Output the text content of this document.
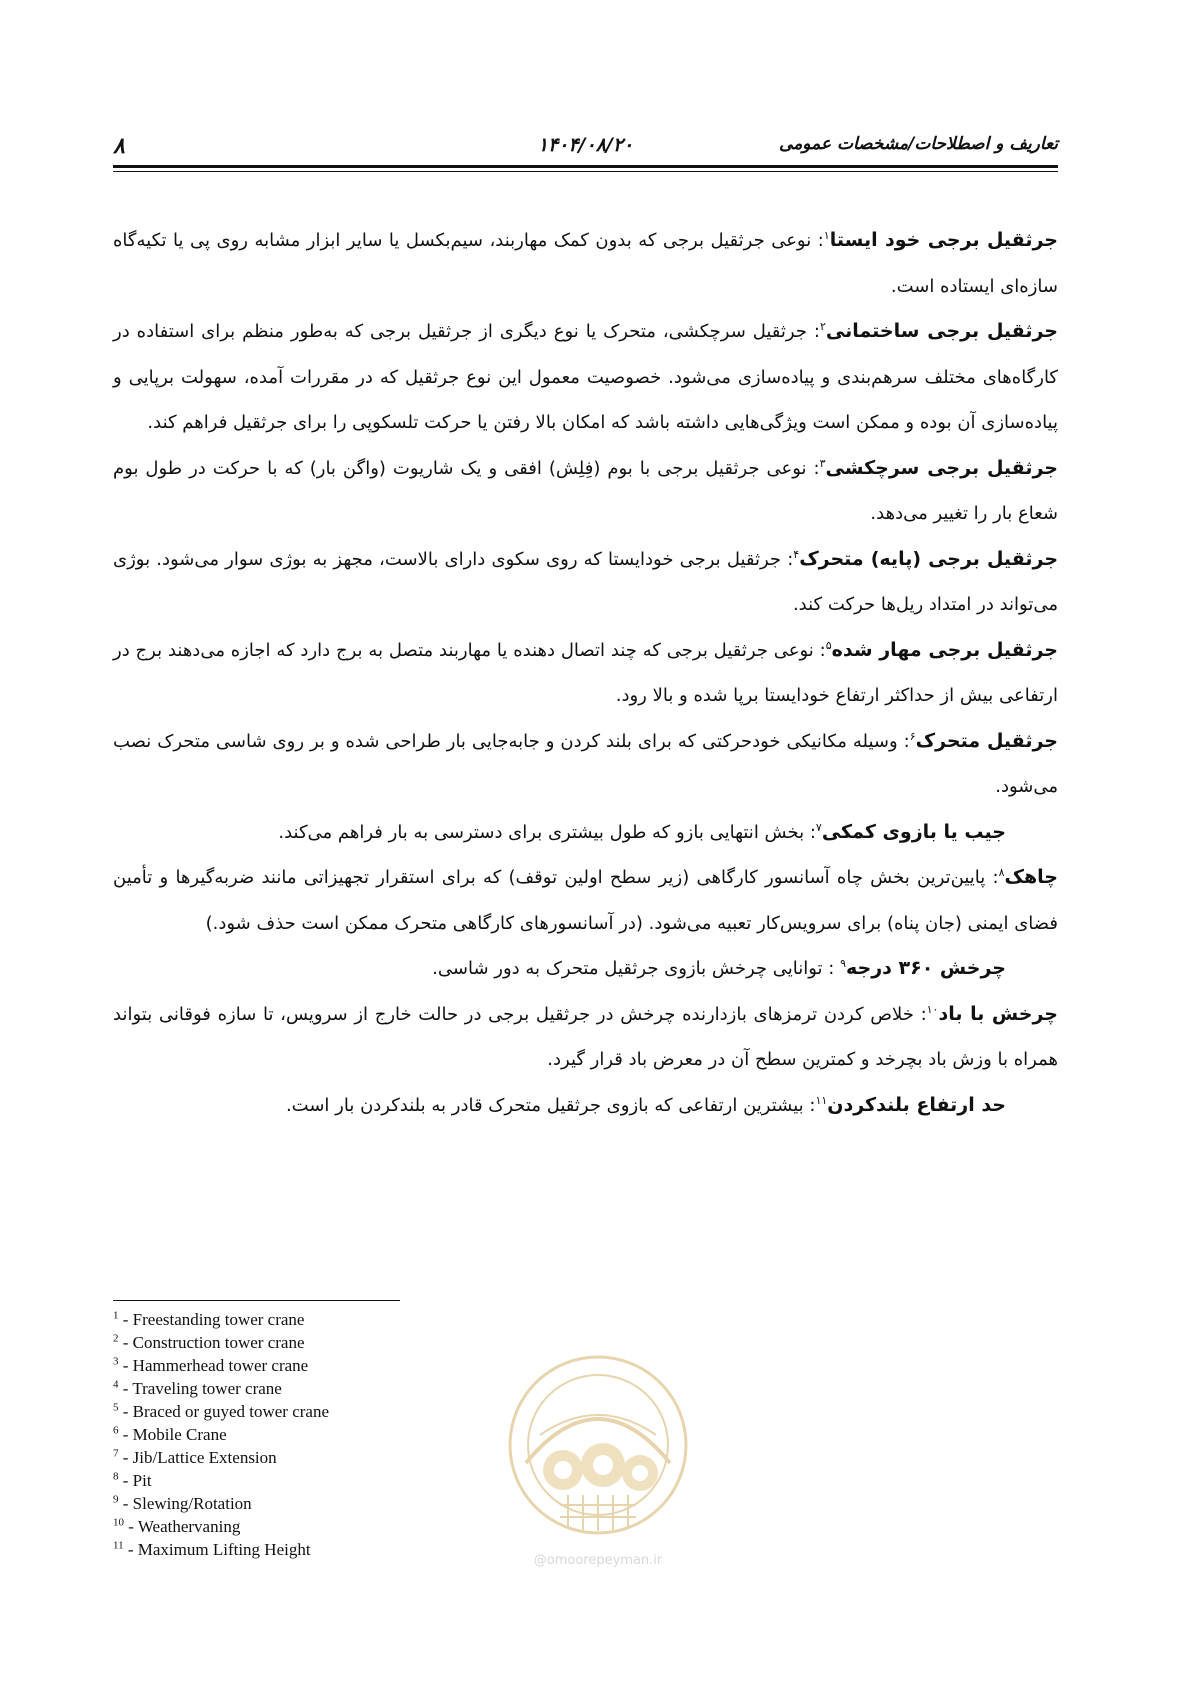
۸	۱۴۰۴/۰۸/۲۰	تعاریف و اصطلاحات/مشخصات عمومی

جرثقیل برجی خود ایستا$^۱$: نوعی جرثقیل برجی که بدون کمک مهاربند، سیم‌بکسل یا سایر ابزار مشابه روی پی یا تکیه‌گاه سازه‌ای ایستاده است.

جرثقیل برجی ساختمانی$^۲$: جرثقیل سرچکشی، متحرک یا نوع دیگری از جرثقیل برجی که به‌طور منظم برای استفاده در کارگاه‌های مختلف سرهم‌بندی و پیاده‌سازی می‌شود. خصوصیت معمول این نوع جرثقیل که در مقررات آمده، سهولت برپایی و پیاده‌سازی آن بوده و ممکن است ویژگی‌هایی داشته باشد که امکان بالا رفتن یا حرکت تلسکوپی را برای جرثقیل فراهم کند.

جرثقیل برجی سرچکشی$^۳$: نوعی جرثقیل برجی با بوم (فِلِش) افقی و یک شاریوت (واگن بار) که با حرکت در طول بوم شعاع بار را تغییر می‌دهد.

جرثقیل برجی (پایه) متحرک$^۴$: جرثقیل برجی خودایستا که روی سکوی دارای بالاست، مجهز به بوژی سوار می‌شود. بوژی می‌تواند در امتداد ریل‌ها حرکت کند.

جرثقیل برجی مهار شده$^۵$: نوعی جرثقیل برجی که چند اتصال دهنده یا مهاربند متصل به برج دارد که اجازه می‌دهند برج در ارتفاعی بیش از حداکثر ارتفاع خودایستا برپا شده و بالا رود.

جرثقیل متحرک$^۶$: وسیله مکانیکی خودحرکتی که برای بلند کردن و جابه‌جایی بار طراحی شده و بر روی شاسی متحرک نصب می‌شود.

جیب یا بازوی کمکی$^۷$: بخش انتهایی بازو که طول بیشتری برای دسترسی به بار فراهم می‌کند.

چاهک$^۸$: پایین‌ترین بخش چاه آسانسور کارگاهی (زیر سطح اولین توقف) که برای استقرار تجهیزاتی مانند ضربه‌گیرها و تأمین فضای ایمنی (جان پناه) برای سرویس‌کار تعبیه می‌شود. (در آسانسورهای کارگاهی متحرک ممکن است حذف شود.)

چرخش ۳۶۰ درجه$^۹$ : توانایی چرخش بازوی جرثقیل متحرک به دور شاسی.

چرخش با باد$^{۱۰}$: خلاص کردن ترمزهای بازدارنده چرخش در جرثقیل برجی در حالت خارج از سرویس، تا سازه فوقانی بتواند همراه با وزش باد بچرخد و کمترین سطح آن در معرض باد قرار گیرد.

حد ارتفاع بلندکردن$^{۱۱}$: بیشترین ارتفاعی که بازوی جرثقیل متحرک قادر به بلندکردن بار است.

$^1$ - Freestanding tower crane
$^2$ - Construction tower crane
$^3$ - Hammerhead tower crane
$^4$ - Traveling tower crane
$^5$ - Braced or guyed tower crane
$^6$ - Mobile Crane
$^7$ - Jib/Lattice Extension
$^8$ - Pit
$^9$ - Slewing/Rotation
$^{10}$ - Weathervaning
$^{11}$ - Maximum Lifting Height
@omoorepeyman.ir
